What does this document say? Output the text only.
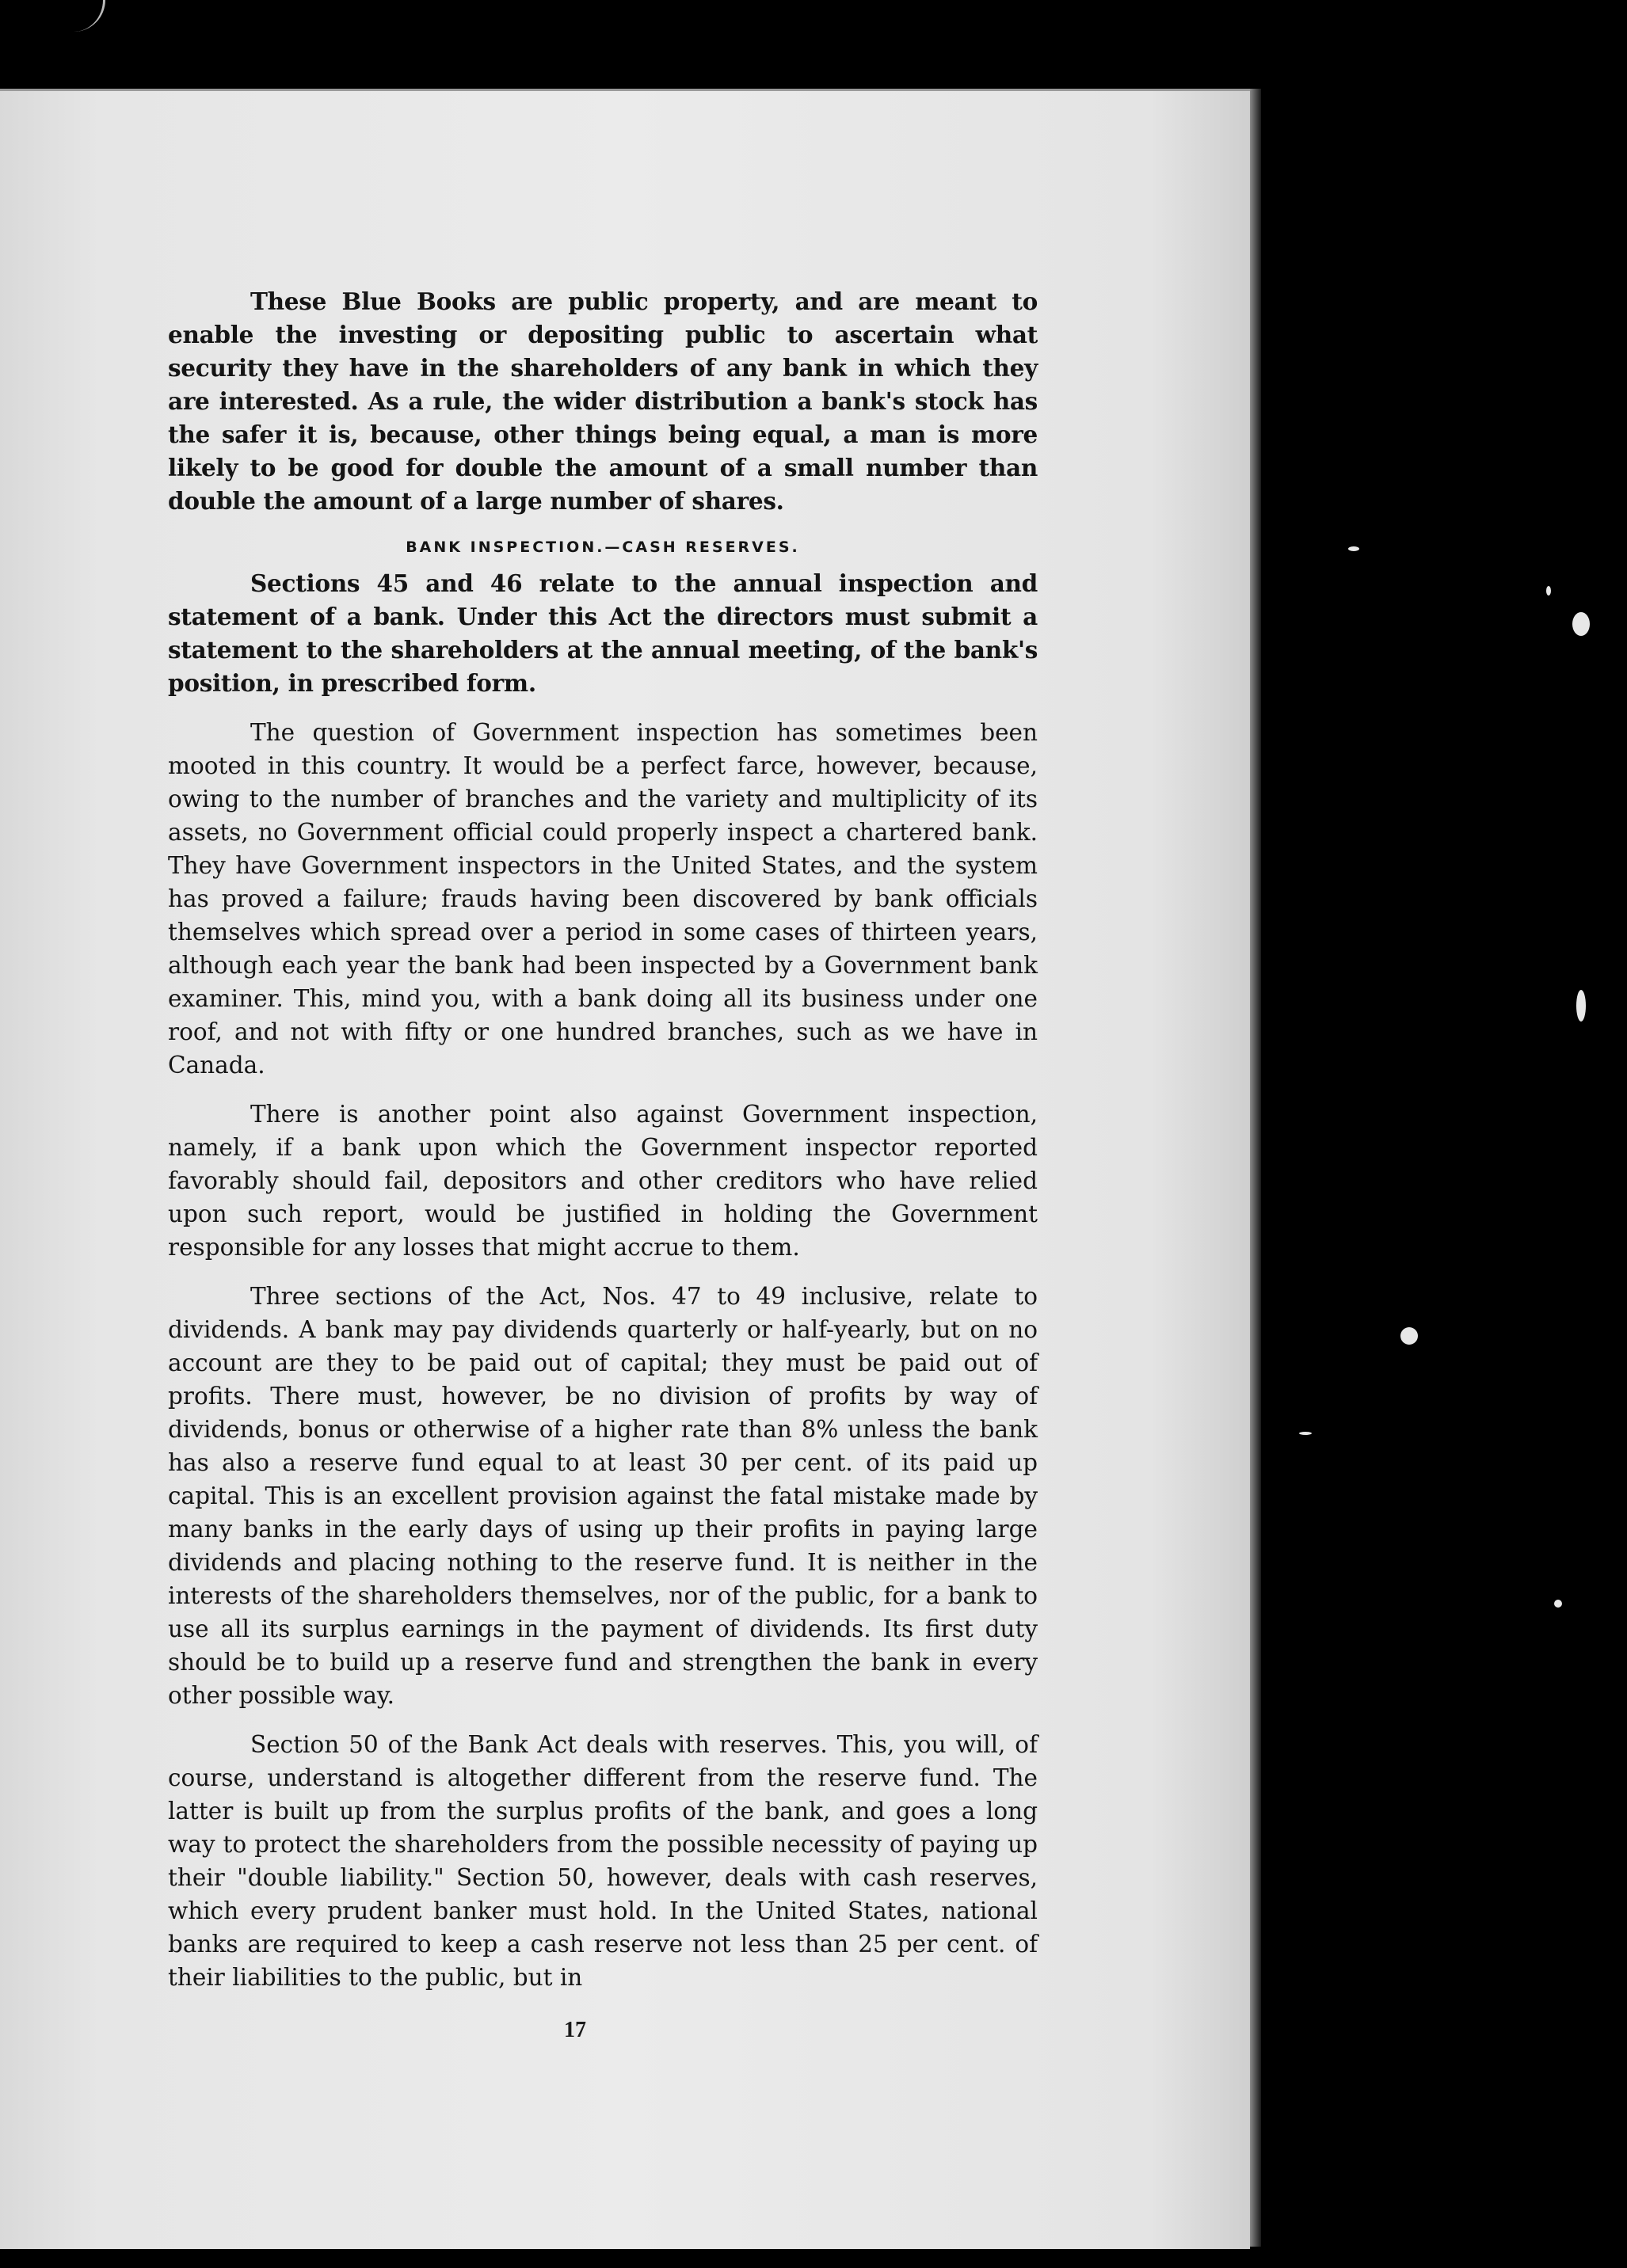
These Blue Books are public property, and are meant to enable the investing or depositing public to ascertain what security they have in the shareholders of any bank in which they are interested. As a rule, the wider distribution a bank's stock has the safer it is, because, other things being equal, a man is more likely to be good for double the amount of a small number than double the amount of a large number of shares.

BANK INSPECTION.—CASH RESERVES.

Sections 45 and 46 relate to the annual inspection and statement of a bank. Under this Act the directors must submit a statement to the shareholders at the annual meeting, of the bank's position, in prescribed form.

The question of Government inspection has sometimes been mooted in this country. It would be a perfect farce, however, because, owing to the number of branches and the variety and multiplicity of its assets, no Government official could properly inspect a chartered bank. They have Government inspectors in the United States, and the system has proved a failure; frauds having been discovered by bank officials themselves which spread over a period in some cases of thirteen years, although each year the bank had been inspected by a Government bank examiner. This, mind you, with a bank doing all its business under one roof, and not with fifty or one hundred branches, such as we have in Canada.

There is another point also against Government inspection, namely, if a bank upon which the Government inspector reported favorably should fail, depositors and other creditors who have relied upon such report, would be justified in holding the Government responsible for any losses that might accrue to them.

Three sections of the Act, Nos. 47 to 49 inclusive, relate to dividends. A bank may pay dividends quarterly or half-yearly, but on no account are they to be paid out of capital; they must be paid out of profits. There must, however, be no division of profits by way of dividends, bonus or otherwise of a higher rate than 8% unless the bank has also a reserve fund equal to at least 30 per cent. of its paid up capital. This is an excellent provision against the fatal mistake made by many banks in the early days of using up their profits in paying large dividends and placing nothing to the reserve fund. It is neither in the interests of the shareholders themselves, nor of the public, for a bank to use all its surplus earnings in the payment of dividends. Its first duty should be to build up a reserve fund and strengthen the bank in every other possible way.

Section 50 of the Bank Act deals with reserves. This, you will, of course, understand is altogether different from the reserve fund. The latter is built up from the surplus profits of the bank, and goes a long way to protect the shareholders from the possible necessity of paying up their "double liability." Section 50, however, deals with cash reserves, which every prudent banker must hold. In the United States, national banks are required to keep a cash reserve not less than 25 per cent. of their liabilities to the public, but in

17
